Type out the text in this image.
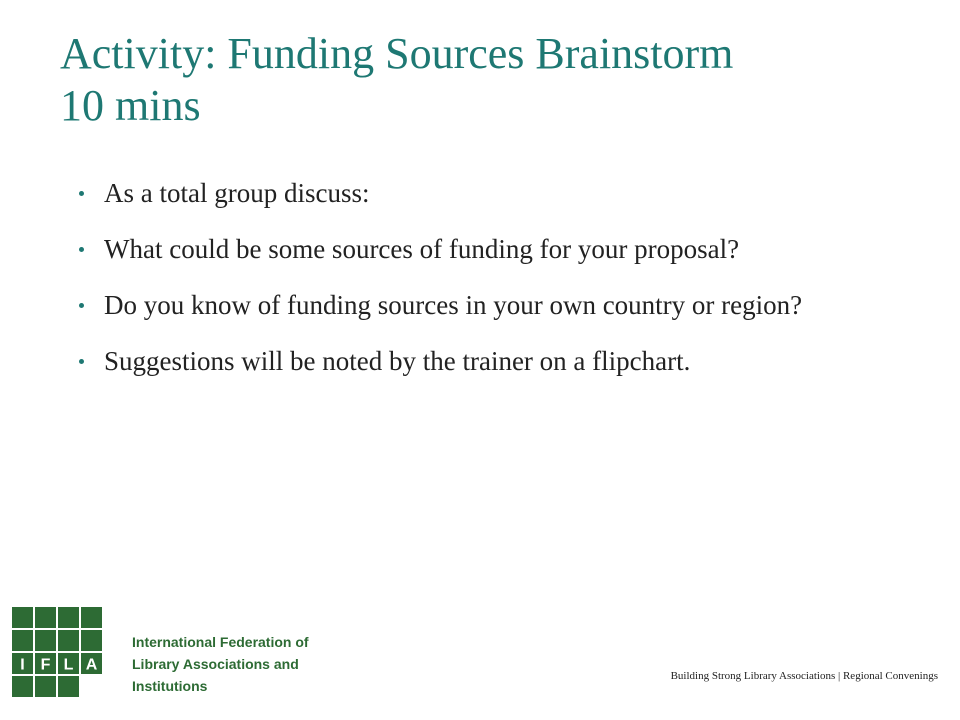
Activity: Funding Sources Brainstorm
10 mins
As a total group discuss:
What could be some sources of funding for your proposal?
Do you know of funding sources in your own country or region?
Suggestions will be noted by the trainer on a flipchart.
I F L A
International Federation of
Library Associations and Institutions
Building Strong Library Associations | Regional Convenings
